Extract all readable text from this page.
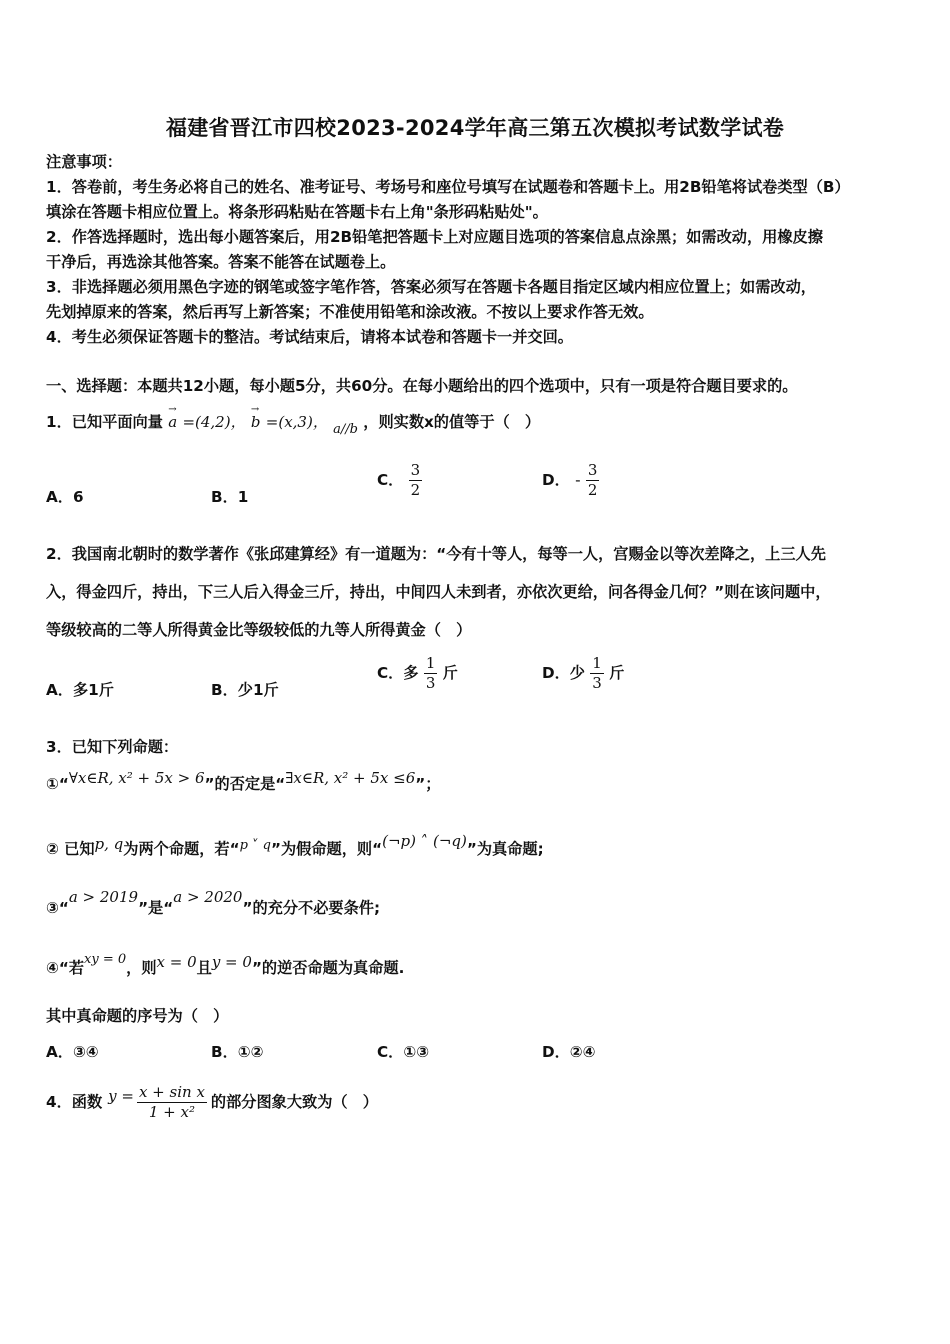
福建省晋江市四校2023-2024学年高三第五次模拟考试数学试卷
注意事项：
1．答卷前，考生务必将自己的姓名、准考证号、考场号和座位号填写在试题卷和答题卡上。用2B铅笔将试卷类型（B）
填涂在答题卡相应位置上。将条形码粘贴在答题卡右上角"条形码粘贴处"。
2．作答选择题时，选出每小题答案后，用2B铅笔把答题卡上对应题目选项的答案信息点涂黑；如需改动，用橡皮擦
干净后，再选涂其他答案。答案不能答在试题卷上。
3．非选择题必须用黑色字迹的钢笔或签字笔作答，答案必须写在答题卡各题目指定区域内相应位置上；如需改动，
先划掉原来的答案，然后再写上新答案；不准使用铅笔和涂改液。不按以上要求作答无效。
4．考生必须保证答题卡的整洁。考试结束后，请将本试卷和答题卡一并交回。
一、选择题：本题共12小题，每小题5分，共60分。在每小题给出的四个选项中，只有一项是符合题目要求的。
1．已知平面向量 → a =(4,2)， → b =(x,3)， a//b ，则实数x的值等于（　）
A．6	B．1
C． $\frac{3}{2}$	D． - $\frac{3}{2}$
2．我国南北朝时的数学著作《张邱建算经》有一道题为：“今有十等人，每等一人，宫赐金以等次差降之，上三人先
入，得金四斤，持出，下三人后入得金三斤，持出，中间四人未到者，亦依次更给，问各得金几何？”则在该问题中，
等级较高的二等人所得黄金比等级较低的九等人所得黄金（　）
A．多1斤	B．少1斤
C．多 $\frac{1}{3}$ 斤	D．少 $\frac{1}{3}$ 斤
3．已知下列命题：
①“∀x∈R, x² + 5x > 6”的否定是“∃x∈R, x² + 5x ≤6”；
② 已知p, q为两个命题，若“p ˅ q”为假命题，则“(¬p) ˄ (¬q)”为真命题;
③“a > 2019”是“a > 2020”的充分不必要条件;
④“若xy = 0，则x = 0且y = 0”的逆否命题为真命题.
其中真命题的序号为（　）
A．③④	B．①②	C．①③	D．②④
4．函数 $y = \frac{\text{x + sin x}}{\text{1 + x²}}$ 的部分图象大致为（　）
